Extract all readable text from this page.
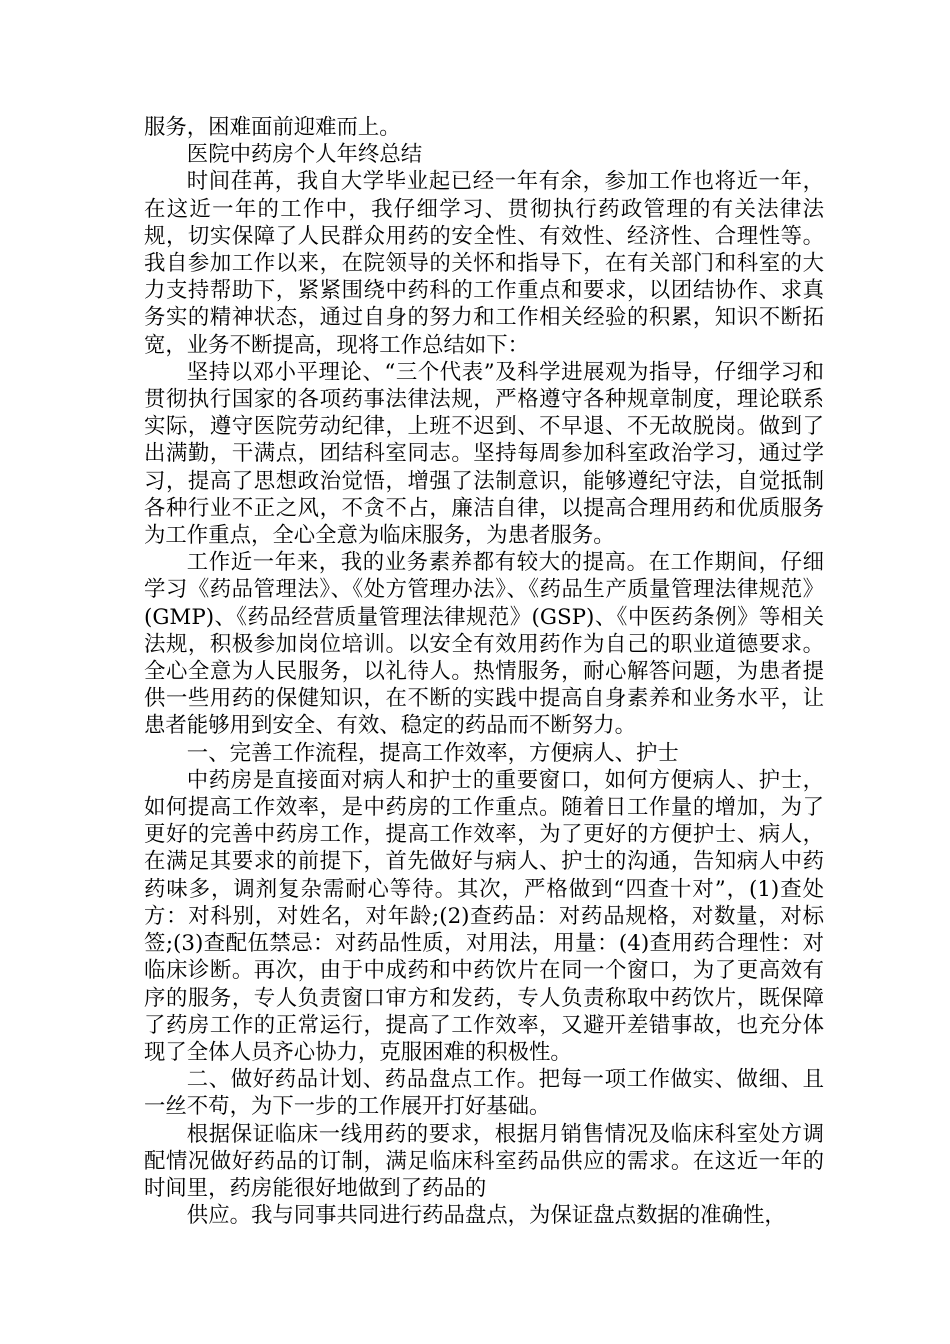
服务，困难面前迎难而上。

医院中药房个人年终总结

时间荏苒，我自大学毕业起已经一年有余，参加工作也将近一年，在这近一年的工作中，我仔细学习、贯彻执行药政管理的有关法律法规，切实保障了人民群众用药的安全性、有效性、经济性、合理性等。我自参加工作以来，在院领导的关怀和指导下，在有关部门和科室的大力支持帮助下，紧紧围绕中药科的工作重点和要求，以团结协作、求真务实的精神状态，通过自身的努力和工作相关经验的积累，知识不断拓宽，业务不断提高，现将工作总结如下：

坚持以邓小平理论、“三个代表”及科学进展观为指导，仔细学习和贯彻执行国家的各项药事法律法规，严格遵守各种规章制度，理论联系实际，遵守医院劳动纪律，上班不迟到、不早退、不无故脱岗。做到了出满勤，干满点，团结科室同志。坚持每周参加科室政治学习，通过学习，提高了思想政治觉悟，增强了法制意识，能够遵纪守法，自觉抵制各种行业不正之风，不贪不占，廉洁自律，以提高合理用药和优质服务为工作重点，全心全意为临床服务，为患者服务。

工作近一年来，我的业务素养都有较大的提高。在工作期间，仔细学习《药品管理法》、《处方管理办法》、《药品生产质量管理法律规范》(GMP)、《药品经营质量管理法律规范》(GSP)、《中医药条例》等相关法规，积极参加岗位培训。以安全有效用药作为自己的职业道德要求。全心全意为人民服务，以礼待人。热情服务，耐心解答问题，为患者提供一些用药的保健知识，在不断的实践中提高自身素养和业务水平，让患者能够用到安全、有效、稳定的药品而不断努力。

一、完善工作流程，提高工作效率，方便病人、护士

中药房是直接面对病人和护士的重要窗口，如何方便病人、护士，如何提高工作效率，是中药房的工作重点。随着日工作量的增加，为了更好的完善中药房工作，提高工作效率，为了更好的方便护士、病人，在满足其要求的前提下，首先做好与病人、护士的沟通，告知病人中药药味多，调剂复杂需耐心等待。其次，严格做到“四查十对”，(1)查处方：对科别，对姓名，对年龄;(2)查药品：对药品规格，对数量，对标签;(3)查配伍禁忌：对药品性质，对用法，用量：(4)查用药合理性：对临床诊断。再次，由于中成药和中药饮片在同一个窗口，为了更高效有序的服务，专人负责窗口审方和发药，专人负责称取中药饮片，既保障了药房工作的正常运行，提高了工作效率，又避开差错事故，也充分体现了全体人员齐心协力，克服困难的积极性。

二、做好药品计划、药品盘点工作。把每一项工作做实、做细、且一丝不苟，为下一步的工作展开打好基础。

根据保证临床一线用药的要求，根据月销售情况及临床科室处方调配情况做好药品的订制，满足临床科室药品供应的需求。在这近一年的时间里，药房能很好地做到了药品的

供应。我与同事共同进行药品盘点，为保证盘点数据的准确性，
